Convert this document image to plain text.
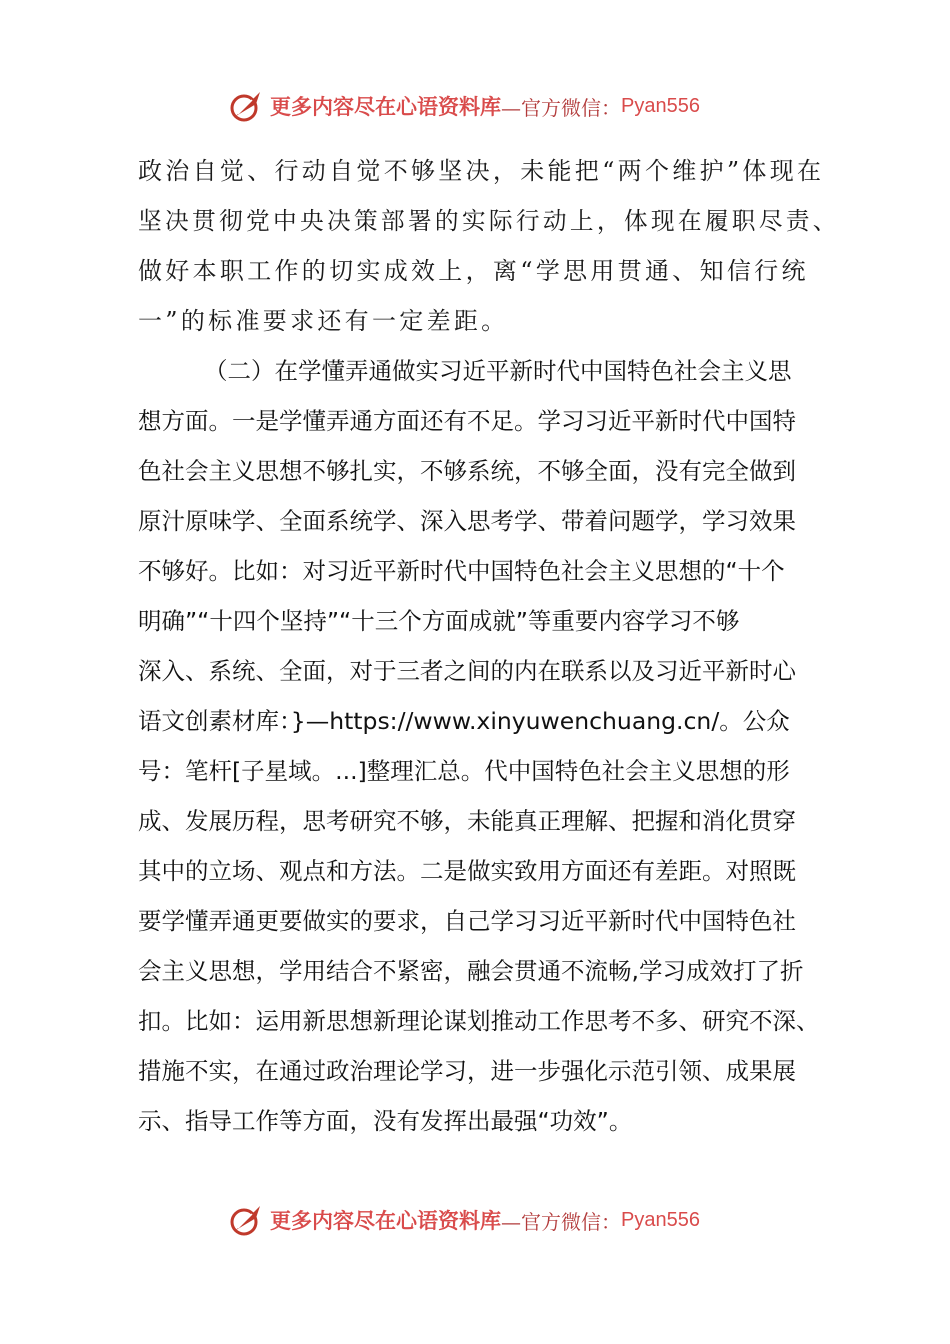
更多内容尽在心语资料库 —官方微信： Pyan556

政治自觉、行动自觉不够坚决，未能把“两个维护”体现在

坚决贯彻党中央决策部署的实际行动上，体现在履职尽责、

做好本职工作的切实成效上，离“学思用贯通、知信行统

一”的标准要求还有一定差距。

（二）在学懂弄通做实习近平新时代中国特色社会主义思

想方面。一是学懂弄通方面还有不足。学习习近平新时代中国特

色社会主义思想不够扎实，不够系统，不够全面，没有完全做到

原汁原味学、全面系统学、深入思考学、带着问题学，学习效果

不够好。比如：对习近平新时代中国特色社会主义思想的“十个

明确”“十四个坚持”“十三个方面成就”等重要内容学习不够

深入、系统、全面，对于三者之间的内在联系以及习近平新时心

语文创素材库：}—https://www.xinyuwenchuang.cn/。公众

号：笔杆[子星域。...]整理汇总。代中国特色社会主义思想的形

成、发展历程，思考研究不够，未能真正理解、把握和消化贯穿

其中的立场、观点和方法。二是做实致用方面还有差距。对照既

要学懂弄通更要做实的要求，自己学习习近平新时代中国特色社

会主义思想，学用结合不紧密，融会贯通不流畅,学习成效打了折

扣。比如：运用新思想新理论谋划推动工作思考不多、研究不深、

措施不实，在通过政治理论学习，进一步强化示范引领、成果展

示、指导工作等方面，没有发挥出最强“功效”。

更多内容尽在心语资料库 —官方微信： Pyan556
